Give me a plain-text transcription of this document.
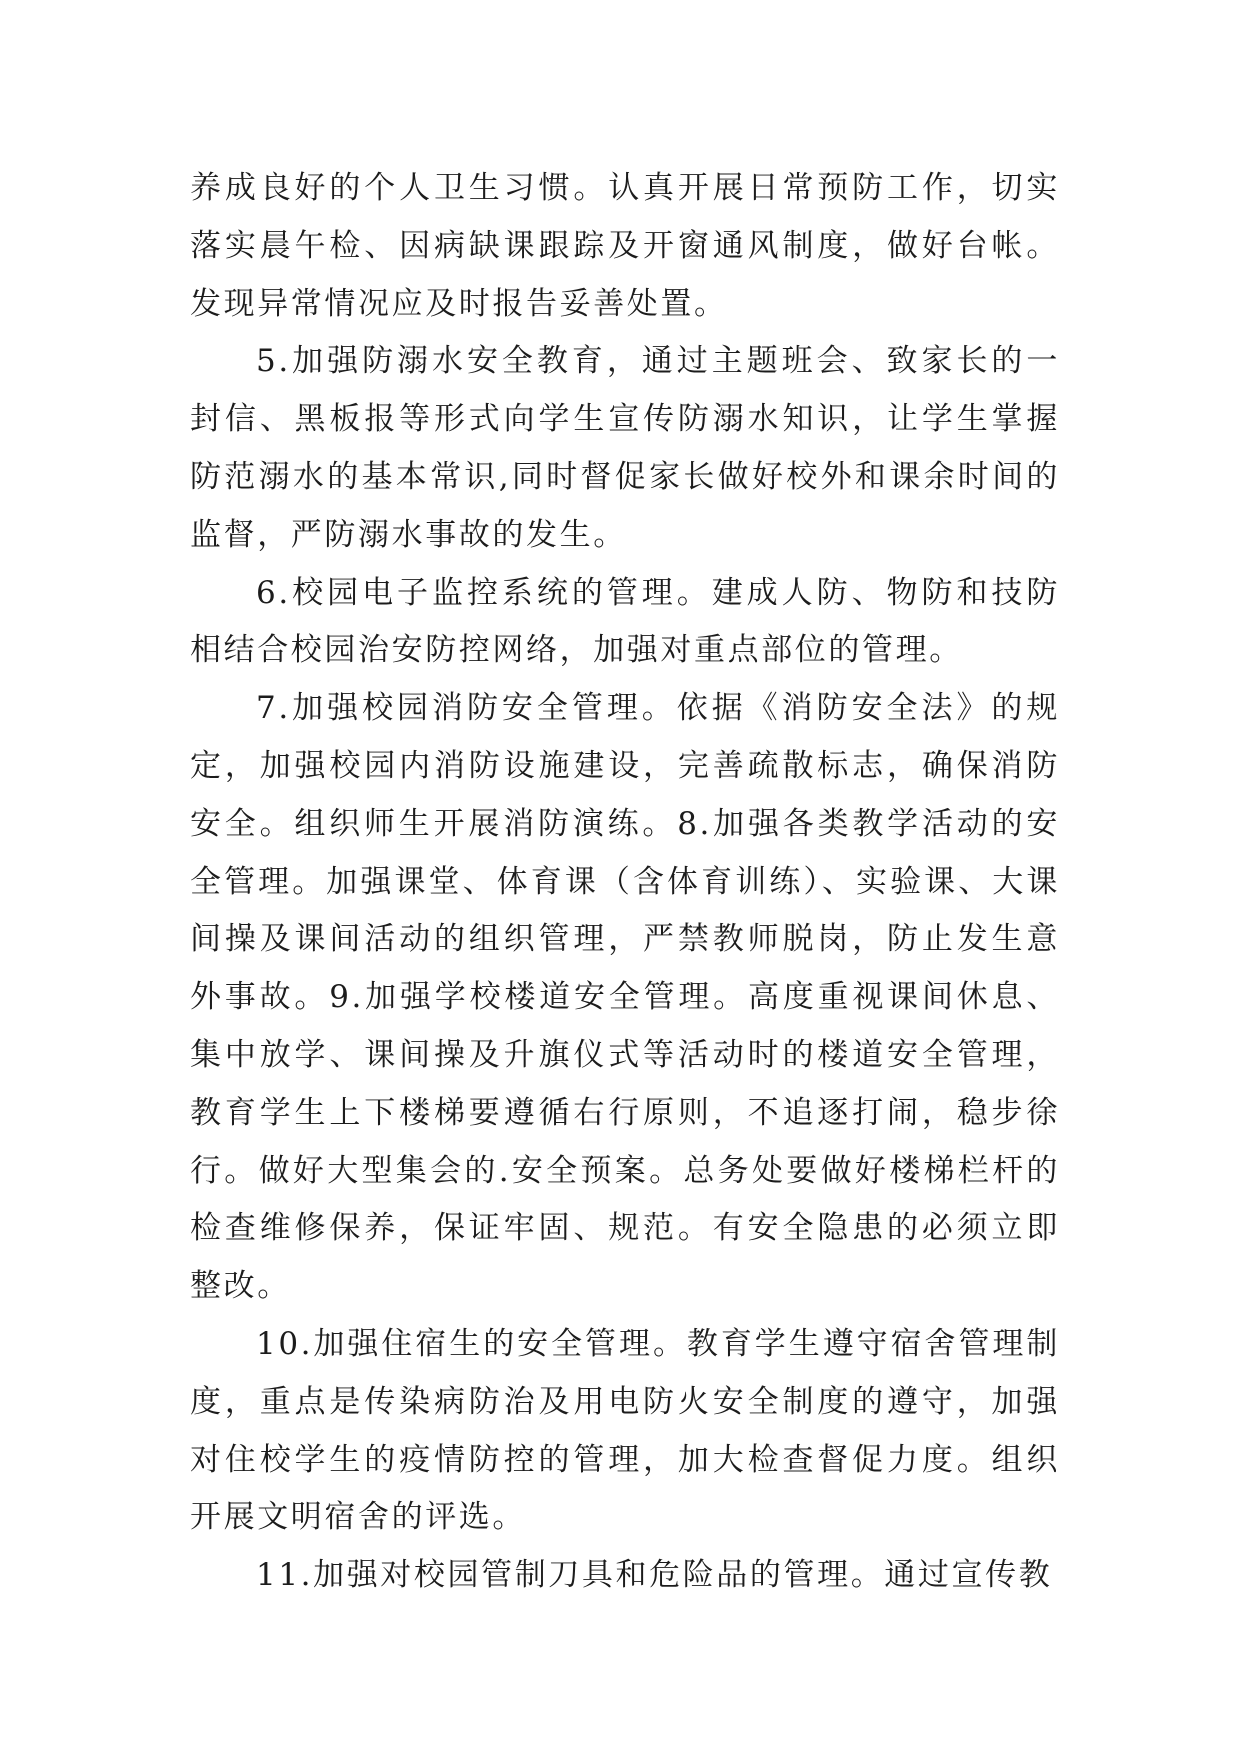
养成良好的个人卫生习惯。认真开展日常预防工作，切实落实晨午检、因病缺课跟踪及开窗通风制度，做好台帐。发现异常情况应及时报告妥善处置。

5.加强防溺水安全教育，通过主题班会、致家长的一封信、黑板报等形式向学生宣传防溺水知识，让学生掌握防范溺水的基本常识,同时督促家长做好校外和课余时间的监督，严防溺水事故的发生。

6.校园电子监控系统的管理。建成人防、物防和技防相结合校园治安防控网络，加强对重点部位的管理。

7.加强校园消防安全管理。依据《消防安全法》的规定，加强校园内消防设施建设，完善疏散标志，确保消防安全。组织师生开展消防演练。8.加强各类教学活动的安全管理。加强课堂、体育课（含体育训练）、实验课、大课间操及课间活动的组织管理，严禁教师脱岗，防止发生意外事故。9.加强学校楼道安全管理。高度重视课间休息、集中放学、课间操及升旗仪式等活动时的楼道安全管理，教育学生上下楼梯要遵循右行原则，不追逐打闹，稳步徐行。做好大型集会的.安全预案。总务处要做好楼梯栏杆的检查维修保养，保证牢固、规范。有安全隐患的必须立即整改。

10.加强住宿生的安全管理。教育学生遵守宿舍管理制度，重点是传染病防治及用电防火安全制度的遵守，加强对住校学生的疫情防控的管理，加大检查督促力度。组织开展文明宿舍的评选。

11.加强对校园管制刀具和危险品的管理。通过宣传教
